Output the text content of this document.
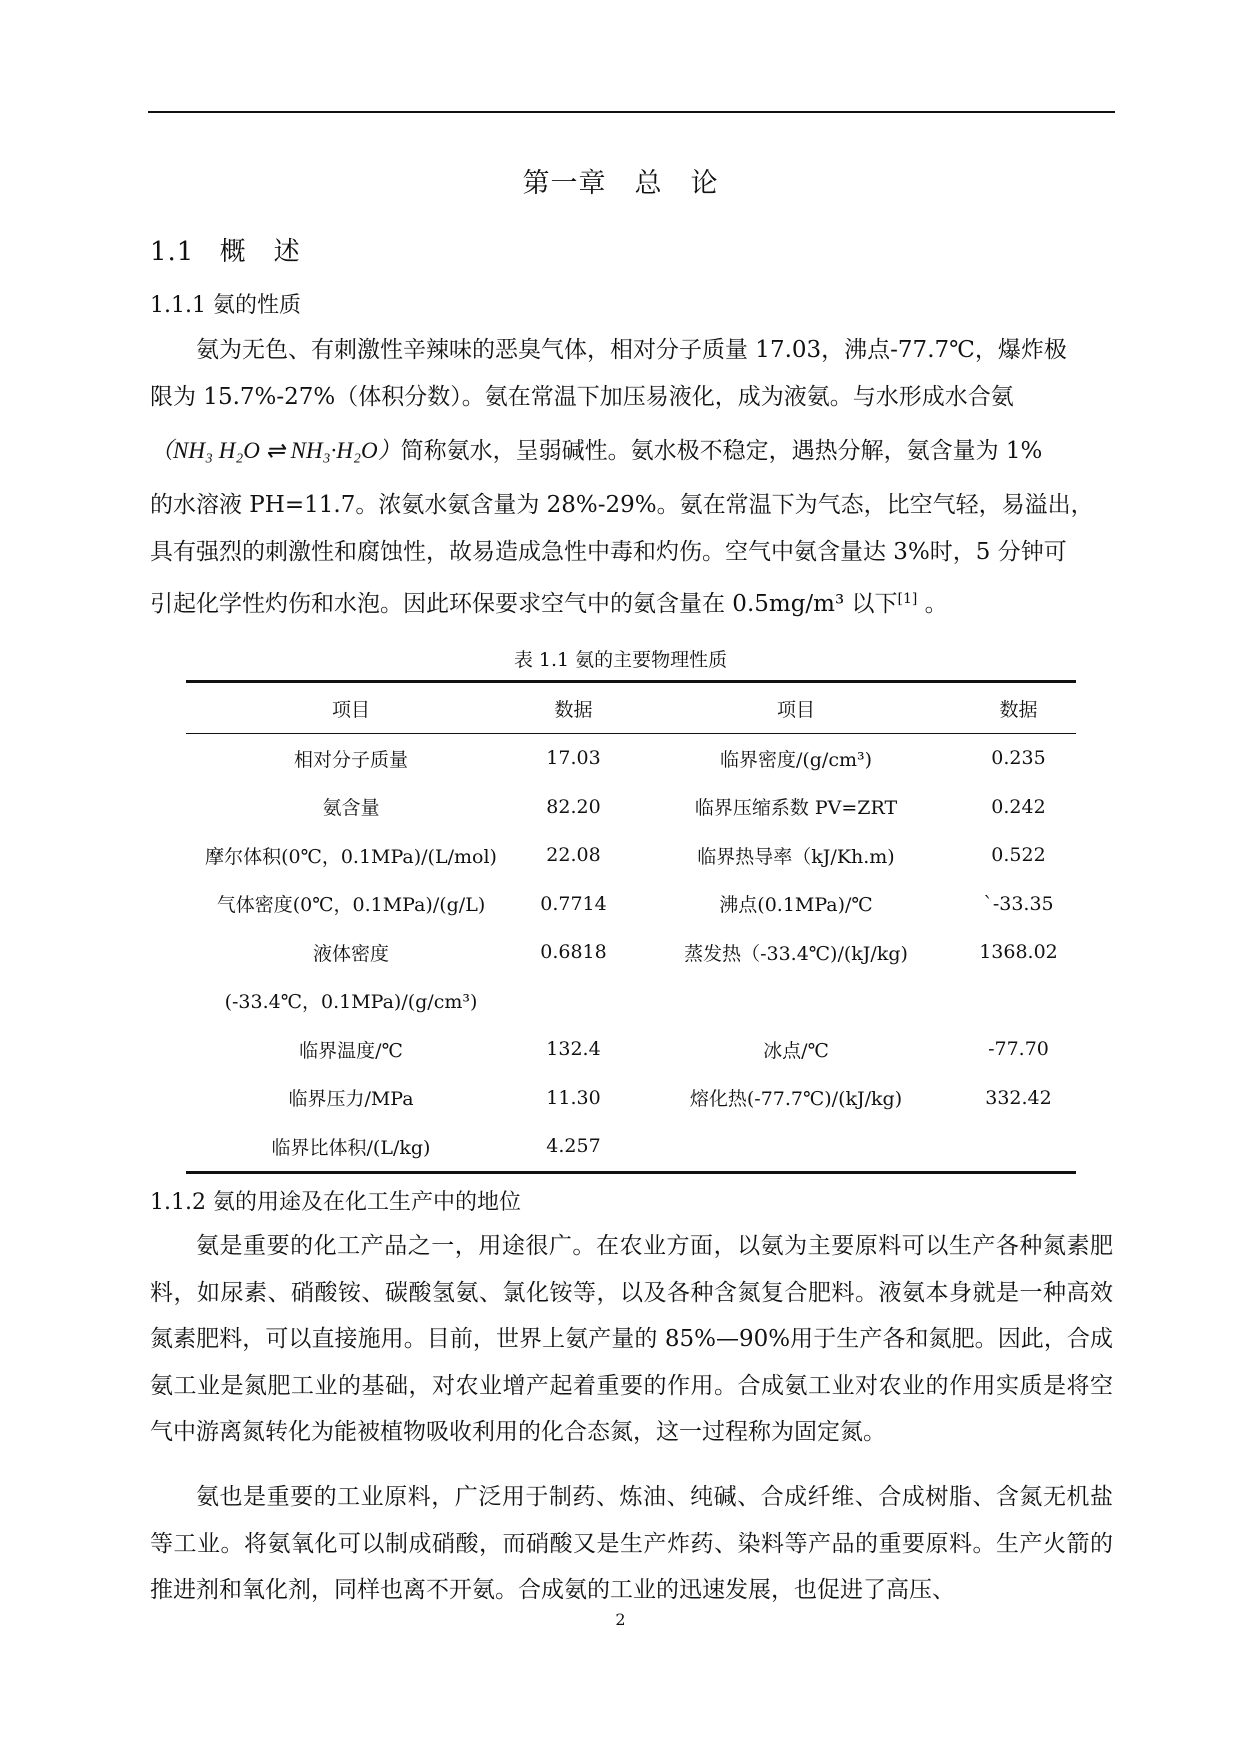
第一章　总　论
1.1 概　述
1.1.1 氨的性质
氨为无色、有刺激性辛辣味的恶臭气体，相对分子质量 17.03，沸点-77.7℃，爆炸极
限为 15.7%-27%（体积分数）。氨在常温下加压易液化，成为液氨。与水形成水合氨
（NH₃ H₂O ⇌ NH₃·H₂O）简称氨水，呈弱碱性。氨水极不稳定，遇热分解，氨含量为 1%
的水溶液 PH=11.7。浓氨水氨含量为 28%-29%。氨在常温下为气态，比空气轻，易溢出，
具有强烈的刺激性和腐蚀性，故易造成急性中毒和灼伤。空气中氨含量达 3%时，5 分钟可
引起化学性灼伤和水泡。因此环保要求空气中的氨含量在 0.5mg/m³ 以下[1] 。
表 1.1 氨的主要物理性质
项目	数据	项目	数据
相对分子质量	17.03	临界密度/(g/cm³)	0.235
氨含量	82.20	临界压缩系数 PV=ZRT	0.242
摩尔体积(0℃，0.1MPa)/(L/mol)	22.08	临界热导率（kJ/Kh.m)	0.522
气体密度(0℃，0.1MPa)/(g/L)	0.7714	沸点(0.1MPa)/℃	`-33.35
液体密度	0.6818	蒸发热（-33.4℃)/(kJ/kg)	1368.02
(-33.4℃，0.1MPa)/(g/cm³)			
临界温度/℃	132.4	冰点/℃	-77.70
临界压力/MPa	11.30	熔化热(-77.7℃)/(kJ/kg)	332.42
临界比体积/(L/kg)	4.257		
1.1.2 氨的用途及在化工生产中的地位
氨是重要的化工产品之一，用途很广。在农业方面，以氨为主要原料可以生产各种氮素肥料，如尿素、硝酸铵、碳酸氢氨、氯化铵等，以及各种含氮复合肥料。液氨本身就是一种高效氮素肥料，可以直接施用。目前，世界上氨产量的 85%—90%用于生产各和氮肥。因此，合成氨工业是氮肥工业的基础，对农业增产起着重要的作用。合成氨工业对农业的作用实质是将空气中游离氮转化为能被植物吸收利用的化合态氮，这一过程称为固定氮。
氨也是重要的工业原料，广泛用于制药、炼油、纯碱、合成纤维、合成树脂、含氮无机盐等工业。将氨氧化可以制成硝酸，而硝酸又是生产炸药、染料等产品的重要原料。生产火箭的推进剂和氧化剂，同样也离不开氨。合成氨的工业的迅速发展，也促进了高压、
2
